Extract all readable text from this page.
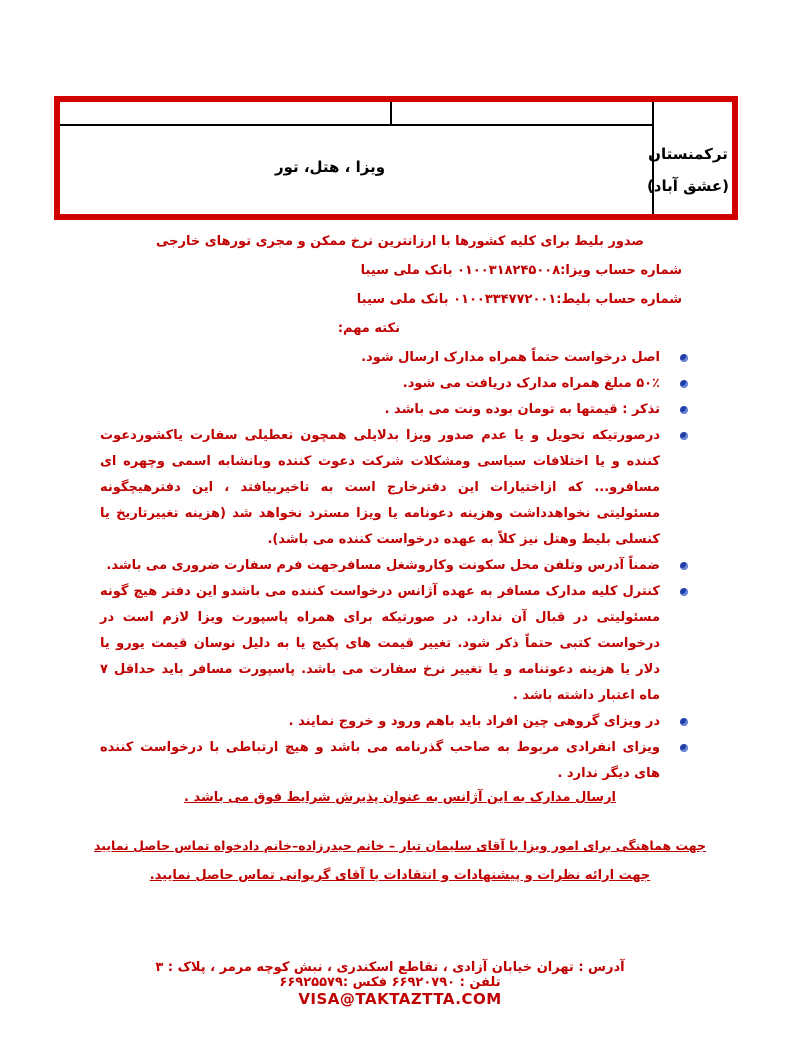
ترکمنستان
(عشق آباد)
ویزا ، هتل، تور
صدور بلیط برای کلیه کشورها با ارزانترین نرخ ممکن و مجری تورهای خارجی
شماره حساب ویزا:۰۱۰۰۳۱۸۲۴۵۰۰۸ بانک ملی سیبا
شماره حساب بلیط:۰۱۰۰۳۳۴۷۷۲۰۰۱ بانک ملی سیبا
نکته مهم:
اصل درخواست حتماً همراه مدارک ارسال شود.
۵۰٪ مبلغ همراه مدارک دریافت می شود.
تذکر : قیمتها به تومان بوده ونت می باشد .
درصورتیکه تحویل و یا عدم صدور ویزا بدلایلی همچون تعطیلی سفارت یاکشوردعوت کننده و یا اختلافات سیاسی ومشکلات شرکت دعوت کننده وبانشابه اسمی وچهره ای مسافرو... که ازاختیارات این دفترخارج است به تاخیربیافتد ، این دفترهیچگونه مسئولیتی نخواهدداشت وهزینه دعونامه یا ویزا مسترد نخواهد شد (هزینه تغییرتاریخ یا کنسلی بلیط وهتل نیز کلاً به عهده درخواست کننده می باشد).
ضمناً آدرس وتلفن محل سکونت وکاروشغل مسافرجهت فرم سفارت ضروری می باشد.
کنترل کلیه مدارک مسافر به عهده آژانس درخواست کننده می باشدو این دفتر هیچ گونه مسئولیتی در قبال آن ندارد. در صورتیکه برای همراه پاسپورت ویزا لازم است در درخواست کتبی حتماً ذکر شود. تغییر قیمت های پکیج یا به دلیل نوسان قیمت یورو یا دلار یا هزینه دعوتنامه و یا تغییر نرخ سفارت می باشد. پاسپورت مسافر باید حداقل ۷ ماه اعتبار داشته باشد .
در ویزای گروهی چین افراد باید باهم ورود و خروج نمایند .
ویزای انفرادی مربوط به صاحب گذرنامه می باشد و هیچ ارتباطی با درخواست کننده های دیگر ندارد .
ارسال مدارک به این آژانس به عنوان پذیرش شرایط فوق می باشد .
جهت هماهنگی برای امور ویزا با آقای سلیمان تبار – خانم حیدرزاده–خانم دادخواه تماس حاصل نمایید
جهت ارائه نظرات و پیشنهادات و انتقادات با آقای گریوانی تماس حاصل نمایید.
آدرس : تهران خیابان آزادی ، تقاطع اسکندری ، نبش کوچه مرمر ، پلاک : ۳ تلفن : ۶۶۹۲۰۷۹۰ فکس :۶۶۹۲۵۵۷۹
VISA@TAKTAZTTA.COM
